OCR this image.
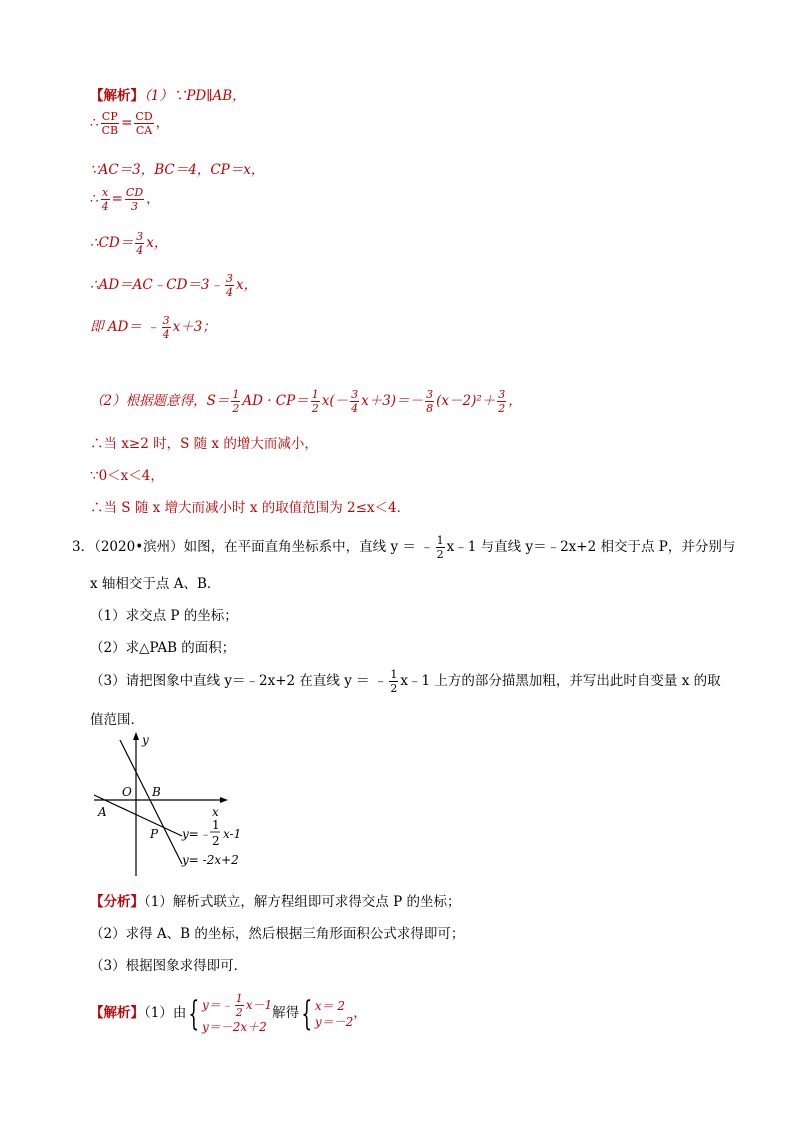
【解析】（1）∵PD∥AB，
∴ $\frac{CP}{CB} = \frac{CD}{CA}$ ，
∵AC＝3，BC＝4，CP＝x，
∴ $\frac{x}{4} = \frac{CD}{3}$ ，
∴CD＝ $\frac{3}{4}$ x，
∴AD＝AC﹣CD＝3﹣ $\frac{3}{4}$ x，
即 AD＝ ﹣ $\frac{3}{4} x+3$；
（2）根据题意得，$S= \frac{1}{2}$ AD · $CP= \frac{1}{2} x(- \frac{3}{4} x+3)=- \frac{3}{8} (x-2)^2+ \frac{3}{2}$ ，
∴当 x≥2 时，S 随 x 的增大而减小，
∵0＜x＜4，
∴当 S 随 x 增大而减小时 x 的取值范围为 2≤x＜4．
3．（2020•滨州）如图，在平面直角坐标系中，直线 y ＝ ﹣ $\frac{1}{2}$ x﹣1 与直线 y＝﹣2x+2 相交于点 P，并分别与
x 轴相交于点 A、B．
（1）求交点 P 的坐标；
（2）求△PAB 的面积；
（3）请把图象中直线 y＝﹣2x+2 在直线 y ＝ ﹣ $\frac{1}{2}$ x﹣1 上方的部分描黑加粗，并写出此时自变量 x 的取
值范围．
y
x
O
A
B
P y=﹣
1
2 x-1
y= -2x+2
【分析】（1）解析式联立，解方程组即可求得交点 P 的坐标；
（2）求得 A、B 的坐标，然后根据三角形面积公式求得即可；
（3）根据图象求得即可．
【解析】（1）由{ y＝﹣ $\frac{1}{2} x-1$
y＝－2x＋2
解得{ x＝ 2
y＝－2
，
